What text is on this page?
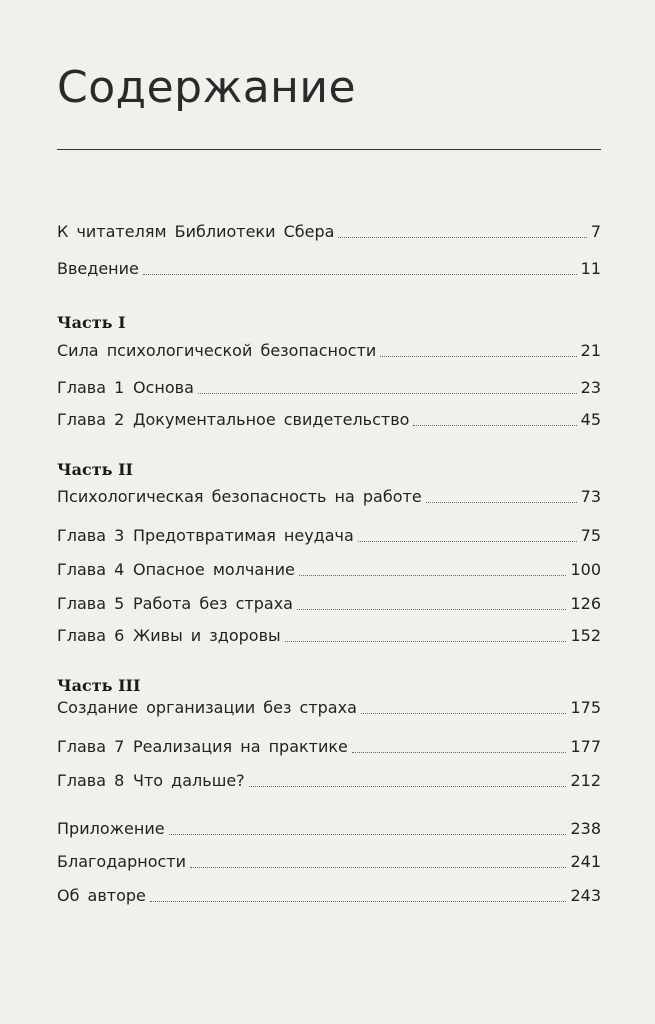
Содержание
К читателям Библиотеки Сбера	7
Введение	11
Часть I
Сила психологической безопасности	21
Глава 1 Основа	23
Глава 2 Документальное свидетельство	45
Часть II
Психологическая безопасность на работе	73
Глава 3 Предотвратимая неудача	75
Глава 4 Опасное молчание	100
Глава 5 Работа без страха	126
Глава 6 Живы и здоровы	152
Часть III
Создание организации без страха	175
Глава 7 Реализация на практике	177
Глава 8 Что дальше?	212
Приложение	238
Благодарности	241
Об авторе	243
